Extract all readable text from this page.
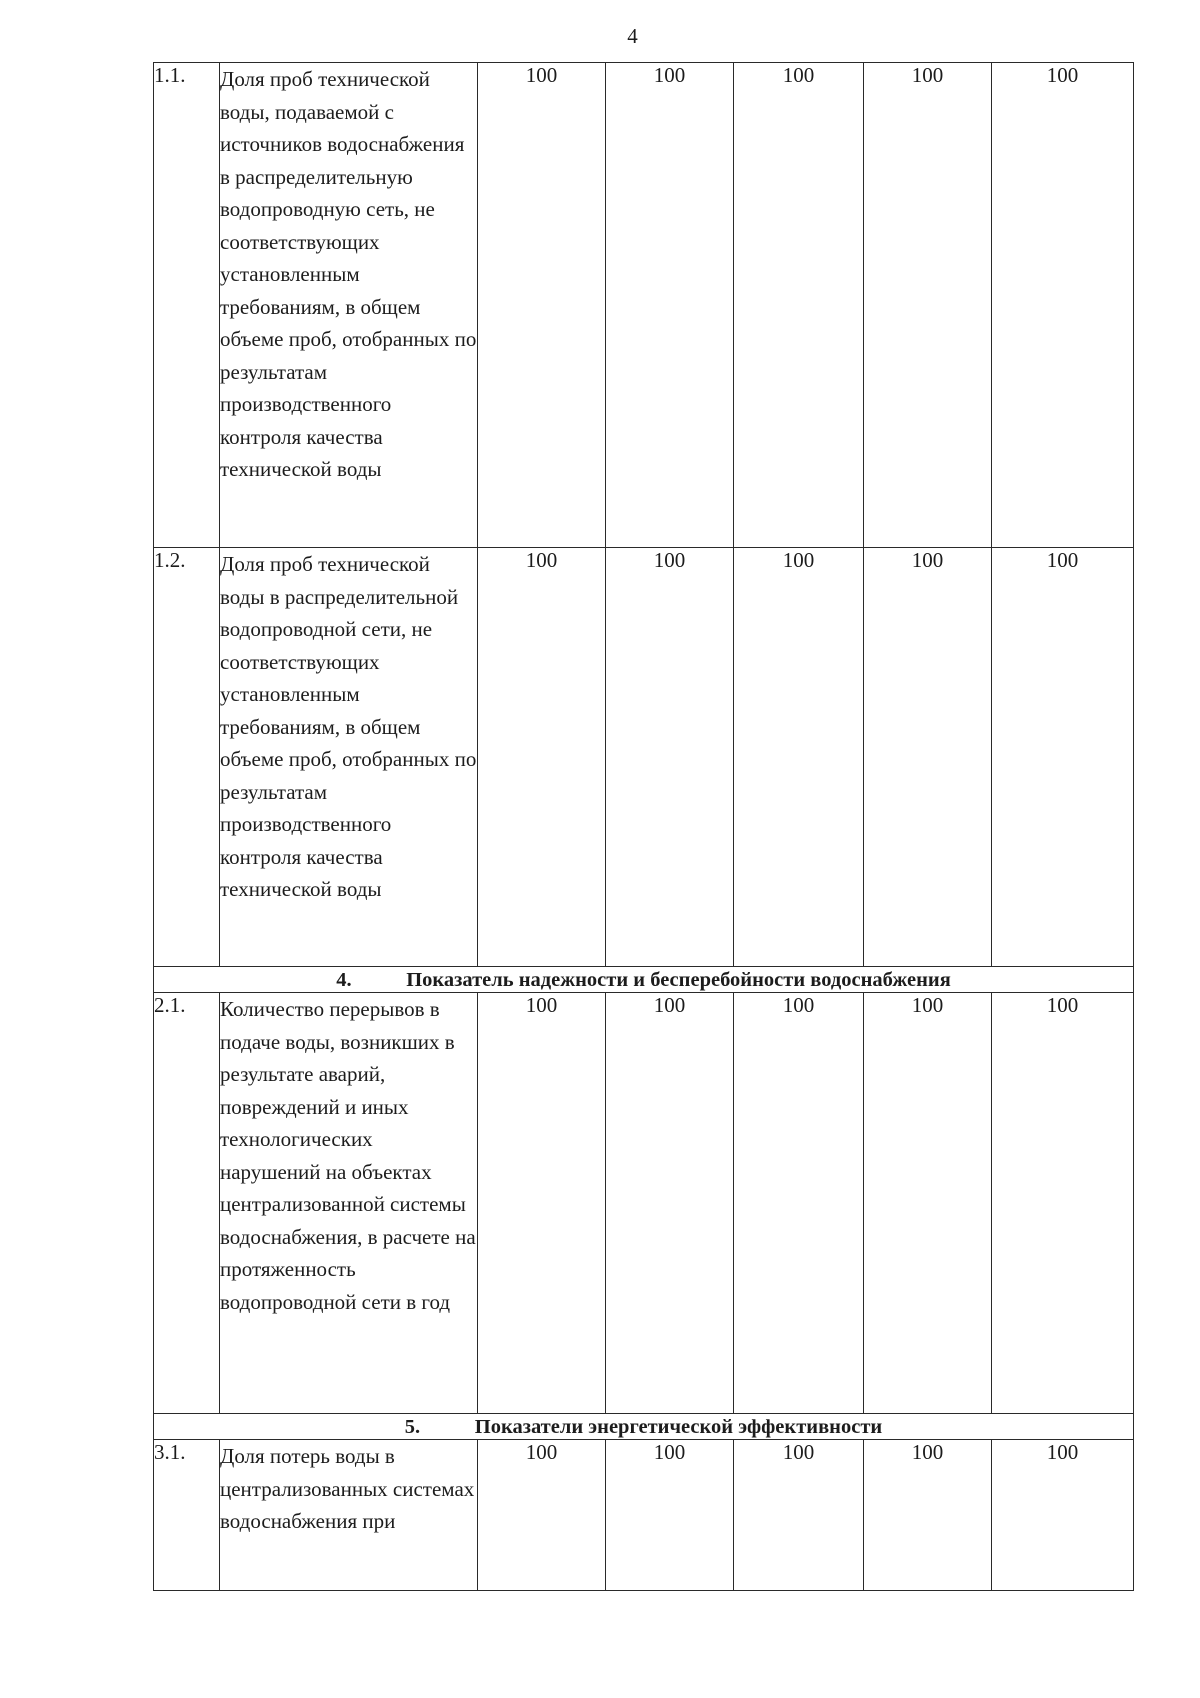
4
1.1.	Доля проб технической воды, подаваемой с источников водоснабжения в распределительную водопроводную сеть, не соответствующих установленным требованиям, в общем объеме проб, отобранных по результатам производственного контроля качества технической воды	100	100	100	100	100
1.2.	Доля проб технической воды в распределительной водопроводной сети, не соответствующих установленным требованиям, в общем объеме проб, отобранных по результатам производственного контроля качества технической воды	100	100	100	100	100
4. Показатель надежности и бесперебойности водоснабжения						
2.1.	Количество перерывов в подаче воды, возникших в результате аварий, повреждений и иных технологических нарушений на объектах централизованной системы водоснабжения, в расчете на протяженность водопроводной сети в год	100	100	100	100	100
5. Показатели энергетической эффективности						
3.1.	Доля потерь воды в централизованных системах водоснабжения при	100	100	100	100	100
